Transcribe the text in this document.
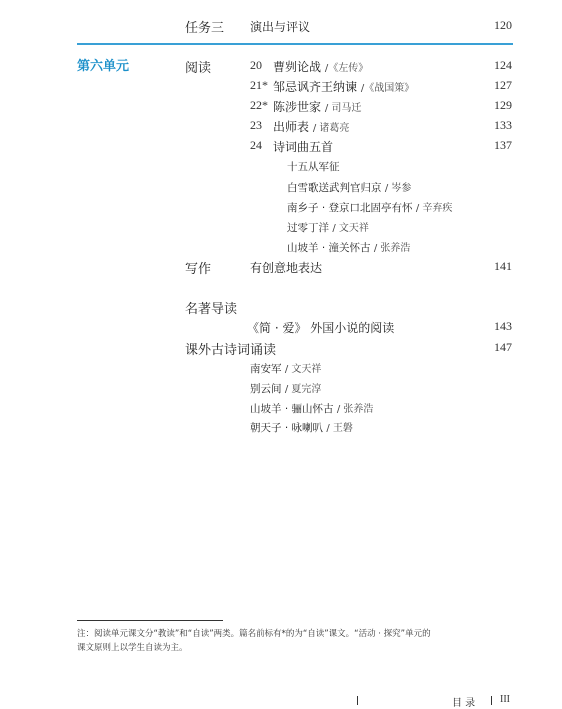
任务三 演出与评议	120
第六单元	阅读	20 曹刿论战 /《左传》	124
21* 邹忌讽齐王纳谏 /《战国策》	127
22* 陈涉世家 / 司马迁	129
23 出师表 / 诸葛亮	133
24 诗词曲五首	137
十五从军征
白雪歌送武判官归京 / 岑参
南乡子 · 登京口北固亭有怀 / 辛弃疾
过零丁洋 / 文天祥
山坡羊 · 潼关怀古 / 张养浩
写作	有创意地表达	141
名著导读
《简 · 爱》 外国小说的阅读	143
课外古诗词诵读	147
南安军 / 文天祥
别云间 / 夏完淳
山坡羊 · 骊山怀古 / 张养浩
朝天子 · 咏喇叭 / 王磐
注：阅读单元课文分“教读”和“自读”两类。篇名前标有*的为“自读”课文。“活动 · 探究”单元的
课文原则上以学生自读为主。
目 录 III
